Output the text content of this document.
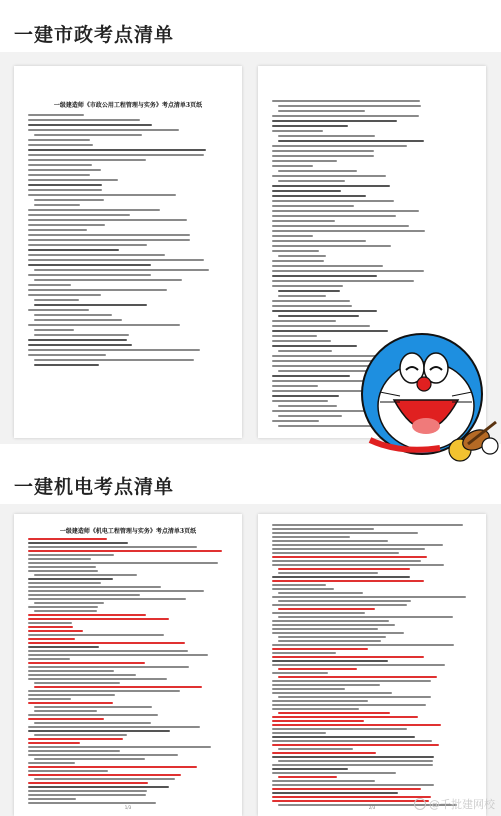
一建市政考点清单
一级建造师《市政公用工程管理与实务》考点清单3页纸
一建机电考点清单
一级建造师《机电工程管理与实务》考点清单3页纸
1/3	2/3	@千批建网校
